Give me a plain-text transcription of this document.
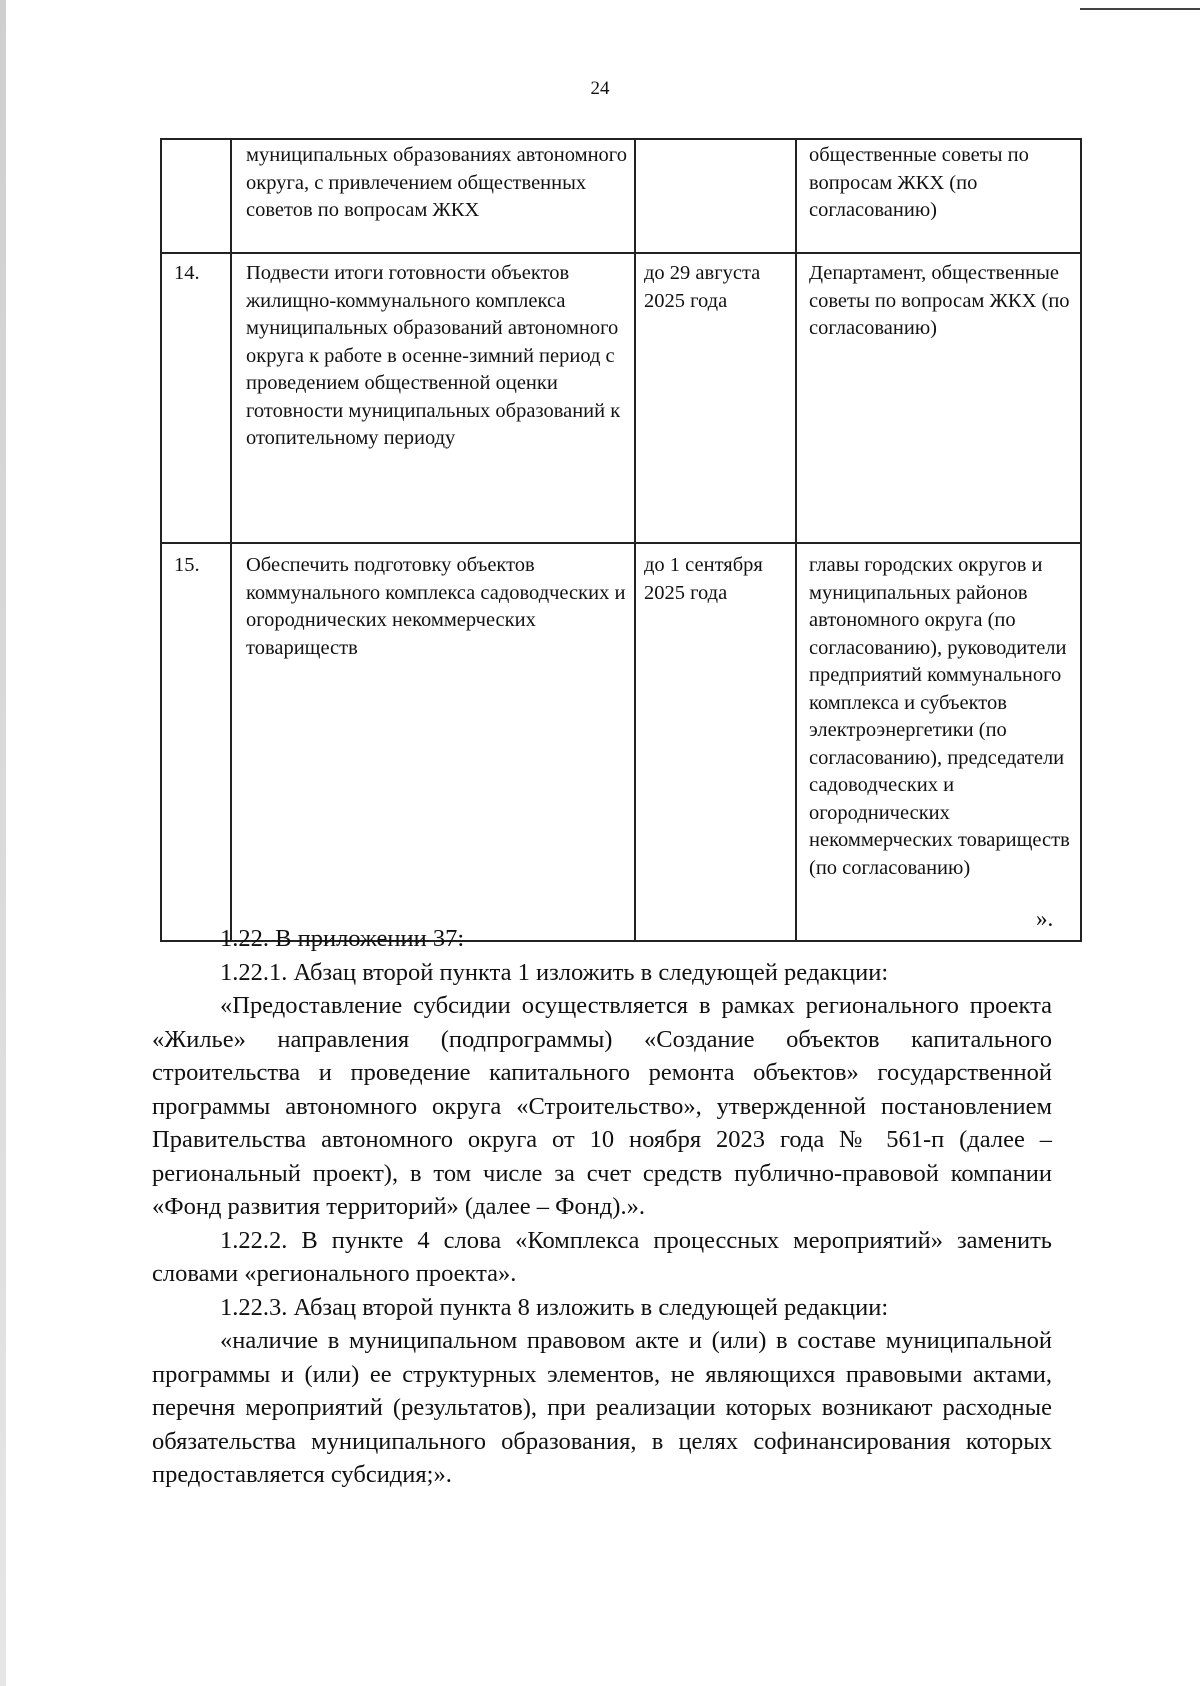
24
	муниципальных образованиях автономного округа, с привлечением общественных советов по вопросам ЖКХ		общественные советы по вопросам ЖКХ (по согласованию)
14.	Подвести итоги готовности объектов жилищно-коммунального комплекса муниципальных образований автономного округа к работе в осенне-зимний период с проведением общественной оценки готовности муниципальных образований к отопительному периоду	до 29 августа 2025 года	Департамент, общественные советы по вопросам ЖКХ (по согласованию)
15.	Обеспечить подготовку объектов коммунального комплекса садоводческих и огороднических некоммерческих товариществ	до 1 сентября 2025 года	главы городских округов и муниципальных районов автономного округа (по согласованию), руководители предприятий коммунального комплекса и субъектов электроэнергетики (по согласованию), председатели садоводческих и огороднических некоммерческих товариществ (по согласованию)
».

1.22. В приложении 37:

1.22.1. Абзац второй пункта 1 изложить в следующей редакции:

«Предоставление субсидии осуществляется в рамках регионального проекта «Жилье» направления (подпрограммы) «Создание объектов капитального строительства и проведение капитального ремонта объектов» государственной программы автономного округа «Строительство», утвержденной постановлением Правительства автономного округа от 10 ноября 2023 года № 561-п (далее – региональный проект), в том числе за счет средств публично-правовой компании «Фонд развития территорий» (далее – Фонд).».

1.22.2. В пункте 4 слова «Комплекса процессных мероприятий» заменить словами «регионального проекта».

1.22.3. Абзац второй пункта 8 изложить в следующей редакции:

«наличие в муниципальном правовом акте и (или) в составе муниципальной программы и (или) ее структурных элементов, не являющихся правовыми актами, перечня мероприятий (результатов), при реализации которых возникают расходные обязательства муниципального образования, в целях софинансирования которых предоставляется субсидия;».
